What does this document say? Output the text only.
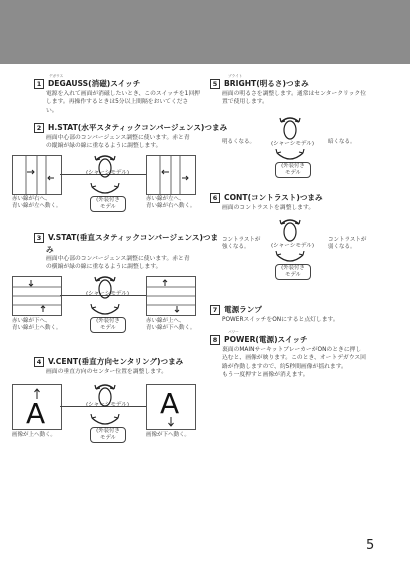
デガウス
1 DEGAUSS(消磁)スイッチ
電源を入れて画面が消磁したいとき、このスイッチを1回押
します。再操作するときは5分以上間隔をおいてくださ
い。
2 H.STAT(水平スタティックコンバージェンス)つまみ
画面中心部のコンバージェンス調整に使います。赤と青
の縦縞が緑の線に重なるように調整します。
赤い線が右へ、
青い線が左へ動く。
(シャーシモデル)
(外装付き
モデル
赤い線が左へ、
青い線が右へ動く。
3 V.STAT(垂直スタティックコンバージェンス)つま
み
画面中心部のコンバージェンス調整に使います。赤と青
の横縞が緑の線に重なるように調整します。
赤い線が下へ、
青い線が上へ動く。
(シャーシモデル)
(外装付き
モデル
赤い線が上へ、
青い線が下へ動く。
4 V.CENT(垂直方向センタリング)つまみ
画面の垂直方向のセンター位置を調整します。
A
画像が上へ動く。
(シャーシモデル)
(外装付き
モデル
A
画像が下へ動く。
ブライト
5 BRIGHT(明るさ)つまみ
画面の明るさを調整します。通常はセンタークリック位
置で使用します。
明るくなる。	(シャーシモデル)	暗くなる。
(外装付き
モデル
6 CONT(コントラスト)つまみ
画面のコントラストを調整します。
コントラストが
強くなる。	(シャーシモデル)
コントラストが
弱くなる。
(外装付き
モデル
7 電源ランプ
POWERスイッチをONにすると点灯します。
パワー
8 POWER(電源)スイッチ
裏面のMAINサーキットブレーカーがONのときに押し
込むと、画像が映ります。このとき、オートデガウス回
路が作動しますので、約5秒間画像が揺れます。
もう一度押すと画像が消えます。
5
